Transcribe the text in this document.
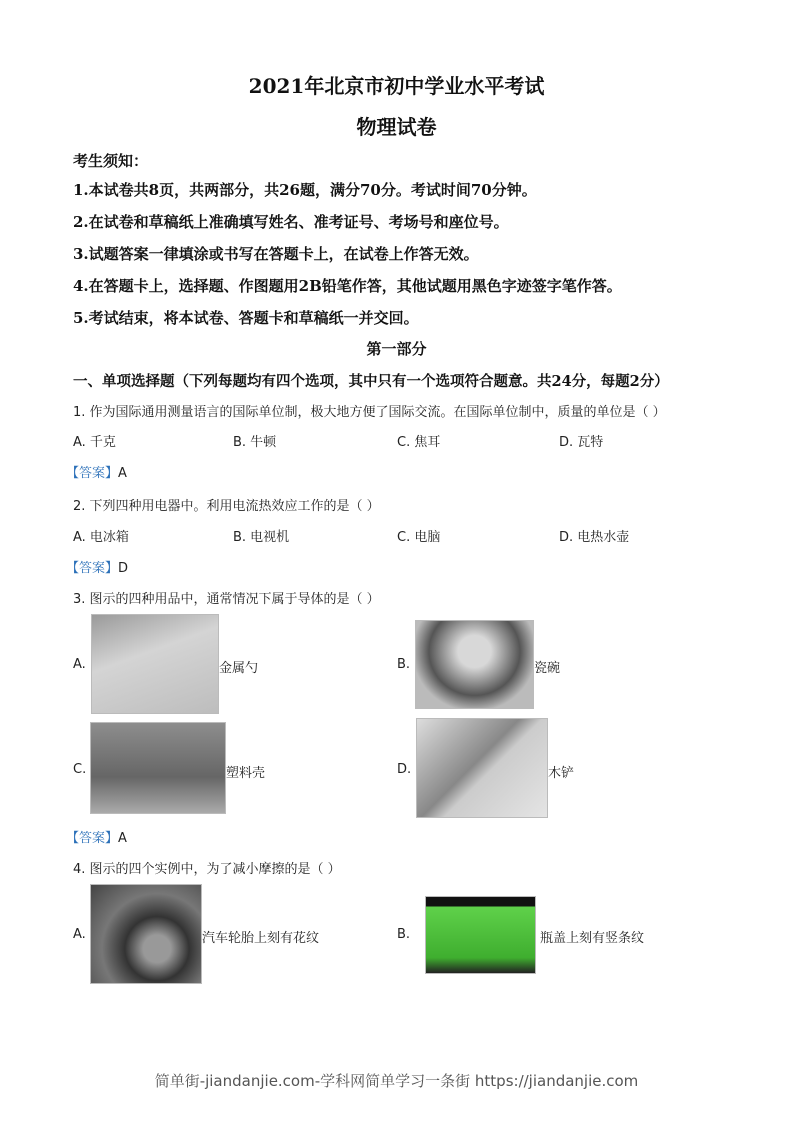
2021年北京市初中学业水平考试
物理试卷
考生须知：
1.本试卷共8页，共两部分，共26题，满分70分。考试时间70分钟。
2.在试卷和草稿纸上准确填写姓名、准考证号、考场号和座位号。
3.试题答案一律填涂或书写在答题卡上，在试卷上作答无效。
4.在答题卡上，选择题、作图题用2B铅笔作答，其他试题用黑色字迹签字笔作答。
5.考试结束，将本试卷、答题卡和草稿纸一并交回。
第一部分
一、单项选择题（下列每题均有四个选项，其中只有一个选项符合题意。共24分，每题2分）
1. 作为国际通用测量语言的国际单位制，极大地方便了国际交流。在国际单位制中，质量的单位是（ ）
A. 千克	B. 牛顿	C. 焦耳	D. 瓦特
【答案】A
2. 下列四种用电器中。利用电流热效应工作的是（ ）
A. 电冰箱	B. 电视机	C. 电脑	D. 电热水壶
【答案】D
3. 图示的四种用品中，通常情况下属于导体的是（ ）
A.	金属勺	B.	瓷碗
C.	塑料壳	D.	木铲
【答案】A
4. 图示的四个实例中，为了减小摩擦的是（ ）
A.	汽车轮胎上刻有花纹	B.	瓶盖上刻有竖条纹
简单街-jiandanjie.com-学科网简单学习一条街 https://jiandanjie.com
